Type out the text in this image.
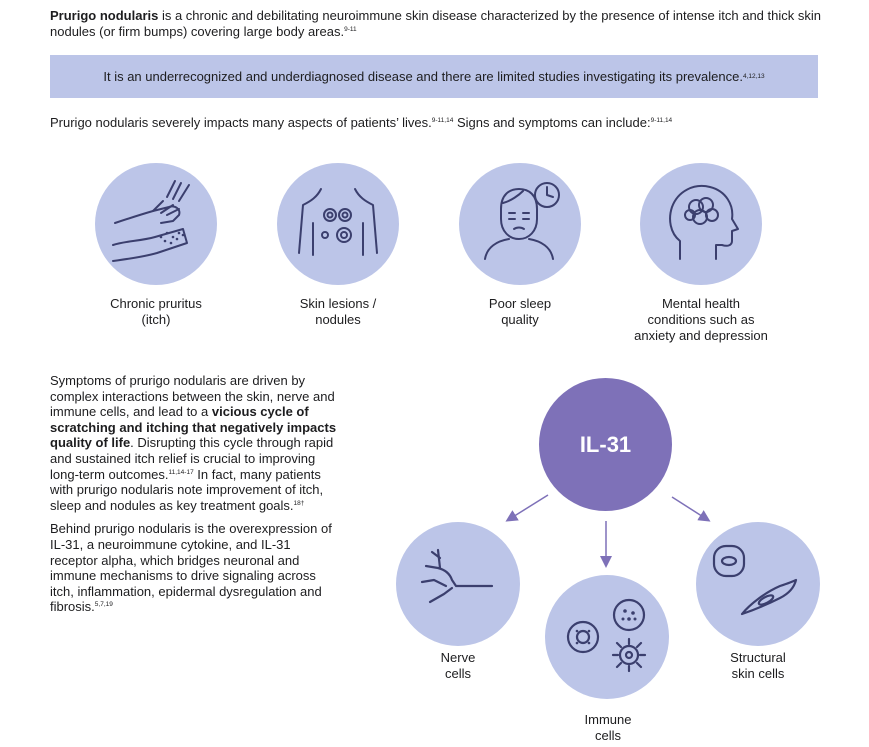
Prurigo nodularis is a chronic and debilitating neuroimmune skin disease characterized by the presence of intense itch and thick skin nodules (or firm bumps) covering large body areas.$^{9-11}$
It is an underrecognized and underdiagnosed disease and there are limited studies investigating its prevalence. 4,12,13
Prurigo nodularis severely impacts many aspects of patients’ lives.$^{9-11,14}$ Signs and symptoms can include:$^{9-11,14}$
Chronic pruritus
(itch)
Skin lesions /
nodules
Poor sleep
quality
Mental health
conditions such as
anxiety and depression

Symptoms of prurigo nodularis are driven by complex interactions between the skin, nerve and immune cells, and lead to a vicious cycle of scratching and itching that negatively impacts quality of life. Disrupting this cycle through rapid and sustained itch relief is crucial to improving long-term outcomes.$^{11,14-17}$ In fact, many patients with prurigo nodularis note improvement of itch, sleep and nodules as key treatment goals.$^{18\dagger}$

Behind prurigo nodularis is the overexpression of IL-31, a neuroimmune cytokine, and IL-31 receptor alpha, which bridges neuronal and immune mechanisms to drive signaling across itch, inflammation, epidermal dysregulation and fibrosis.$^{5,7,19}$

IL-31
Nerve
cells
Immune
cells
Structural
skin cells
